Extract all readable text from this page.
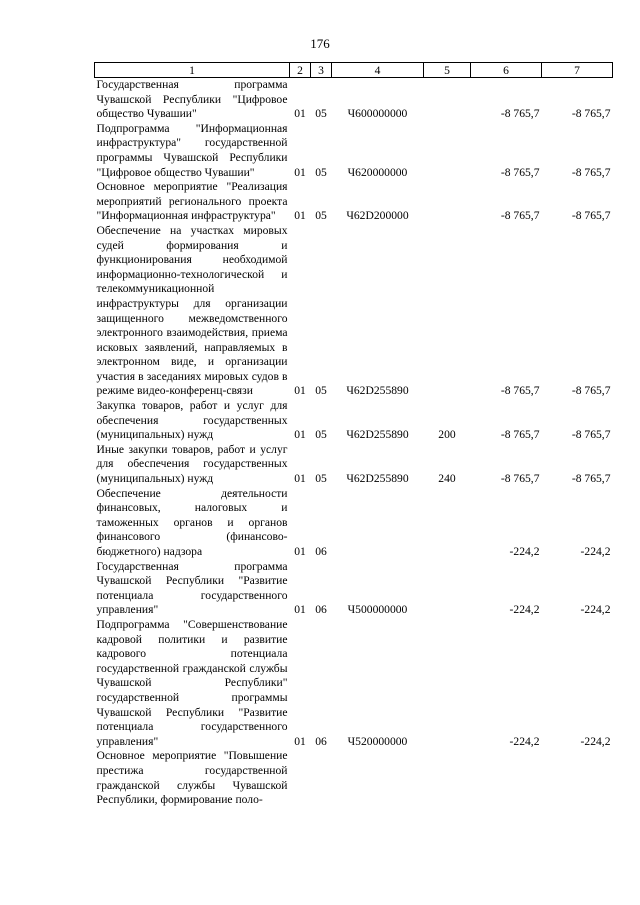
176
1	2	3	4	5	6	7
Государственная программа Чувашской Республики "Цифровое общество Чувашии"	01	05	Ч600000000		-8 765,7	-8 765,7
Подпрограмма "Информационная инфраструктура" государственной программы Чувашской Республики "Цифровое общество Чувашии"	01	05	Ч620000000		-8 765,7	-8 765,7
Основное мероприятие "Реализация мероприятий регионального проекта "Информационная инфраструктура"	01	05	Ч62D200000		-8 765,7	-8 765,7
Обеспечение на участках мировых судей формирования и функционирования необходимой информационно-технологической и телекоммуникационной инфраструктуры для организации защищенного межведомственного электронного взаимодействия, приема исковых заявлений, направляемых в электронном виде, и организации участия в заседаниях мировых судов в режиме видео-конференц-связи	01	05	Ч62D255890		-8 765,7	-8 765,7
Закупка товаров, работ и услуг для обеспечения государственных (муниципальных) нужд	01	05	Ч62D255890	200	-8 765,7	-8 765,7
Иные закупки товаров, работ и услуг для обеспечения государственных (муниципальных) нужд	01	05	Ч62D255890	240	-8 765,7	-8 765,7
Обеспечение деятельности финансовых, налоговых и таможенных органов и органов финансового (финансово-бюджетного) надзора	01	06			-224,2	-224,2
Государственная программа Чувашской Республики "Развитие потенциала государственного управления"	01	06	Ч500000000		-224,2	-224,2
Подпрограмма "Совершенствование кадровой политики и развитие кадрового потенциала государственной гражданской службы Чувашской Республики" государственной программы Чувашской Республики "Развитие потенциала государственного управления"	01	06	Ч520000000		-224,2	-224,2
Основное мероприятие "Повышение престижа государственной гражданской службы Чувашской Республики, формирование поло-						
